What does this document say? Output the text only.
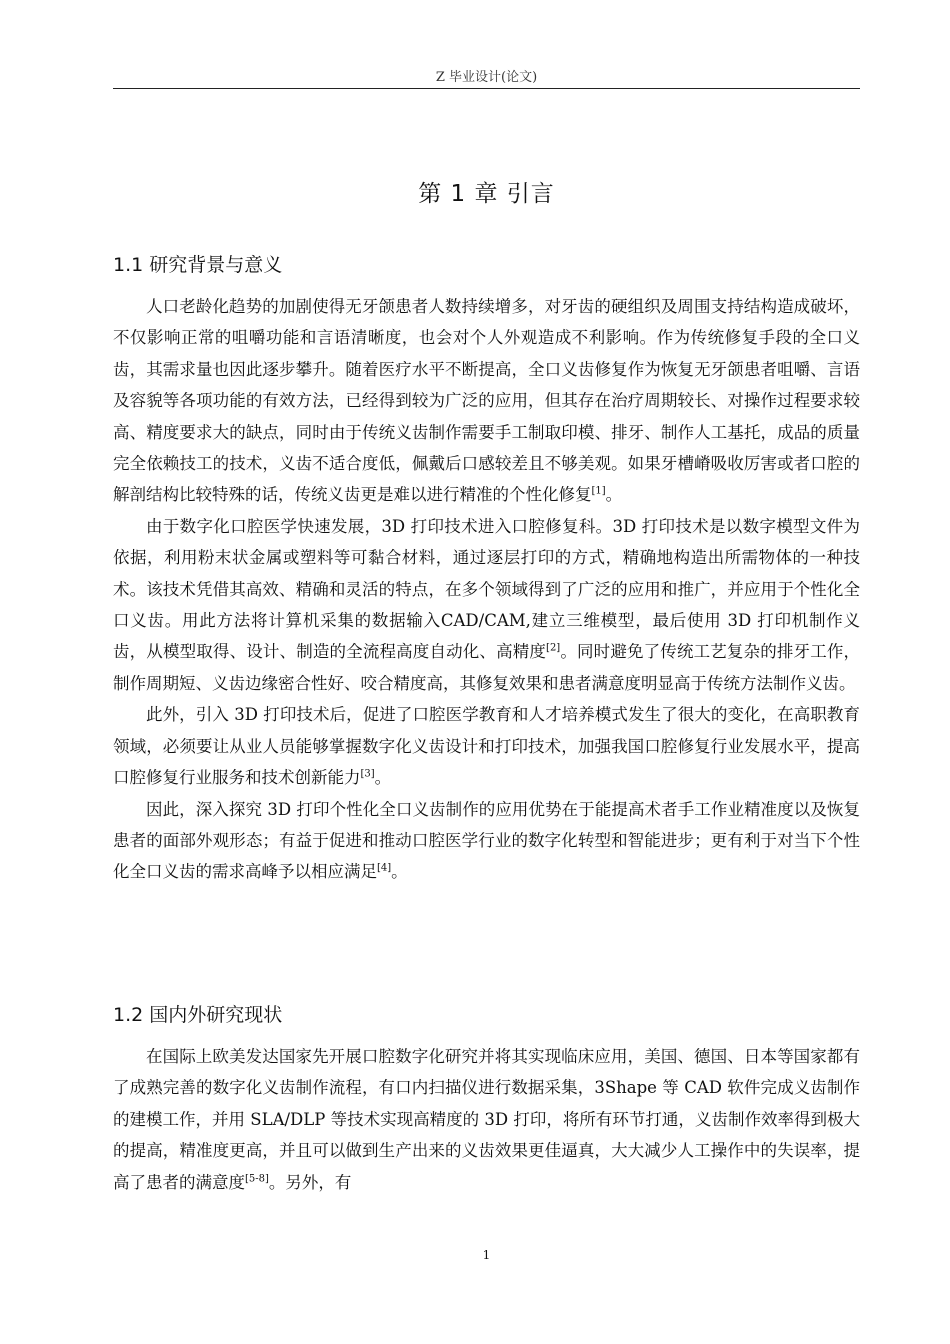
Z 毕业设计(论文)
第 1 章 引言
1.1 研究背景与意义

人口老龄化趋势的加剧使得无牙颌患者人数持续增多，对牙齿的硬组织及周围支持结构造成破坏，不仅影响正常的咀嚼功能和言语清晰度，也会对个人外观造成不利影响。作为传统修复手段的全口义齿，其需求量也因此逐步攀升。随着医疗水平不断提高，全口义齿修复作为恢复无牙颌患者咀嚼、言语及容貌等各项功能的有效方法，已经得到较为广泛的应用，但其存在治疗周期较长、对操作过程要求较高、精度要求大的缺点，同时由于传统义齿制作需要手工制取印模、排牙、制作人工基托，成品的质量完全依赖技工的技术，义齿不适合度低，佩戴后口感较差且不够美观。如果牙槽嵴吸收厉害或者口腔的解剖结构比较特殊的话，传统义齿更是难以进行精准的个性化修复[1]。

由于数字化口腔医学快速发展，3D 打印技术进入口腔修复科。3D 打印技术是以数字模型文件为依据，利用粉末状金属或塑料等可黏合材料，通过逐层打印的方式，精确地构造出所需物体的一种技术。该技术凭借其高效、精确和灵活的特点，在多个领域得到了广泛的应用和推广，并应用于个性化全口义齿。用此方法将计算机采集的数据输入CAD/CAM,建立三维模型，最后使用 3D 打印机制作义齿，从模型取得、设计、制造的全流程高度自动化、高精度[2]。同时避免了传统工艺复杂的排牙工作，制作周期短、义齿边缘密合性好、咬合精度高，其修复效果和患者满意度明显高于传统方法制作义齿。

此外，引入 3D 打印技术后，促进了口腔医学教育和人才培养模式发生了很大的变化，在高职教育领域，必须要让从业人员能够掌握数字化义齿设计和打印技术，加强我国口腔修复行业发展水平，提高口腔修复行业服务和技术创新能力[3]。

因此，深入探究 3D 打印个性化全口义齿制作的应用优势在于能提高术者手工作业精准度以及恢复患者的面部外观形态；有益于促进和推动口腔医学行业的数字化转型和智能进步；更有利于对当下个性化全口义齿的需求高峰予以相应满足[4]。

1.2 国内外研究现状

在国际上欧美发达国家先开展口腔数字化研究并将其实现临床应用，美国、德国、日本等国家都有了成熟完善的数字化义齿制作流程，有口内扫描仪进行数据采集，3Shape 等 CAD 软件完成义齿制作的建模工作，并用 SLA/DLP 等技术实现高精度的 3D 打印，将所有环节打通，义齿制作效率得到极大的提高，精准度更高，并且可以做到生产出来的义齿效果更佳逼真，大大减少人工操作中的失误率，提高了患者的满意度[5-8]。另外，有

1
